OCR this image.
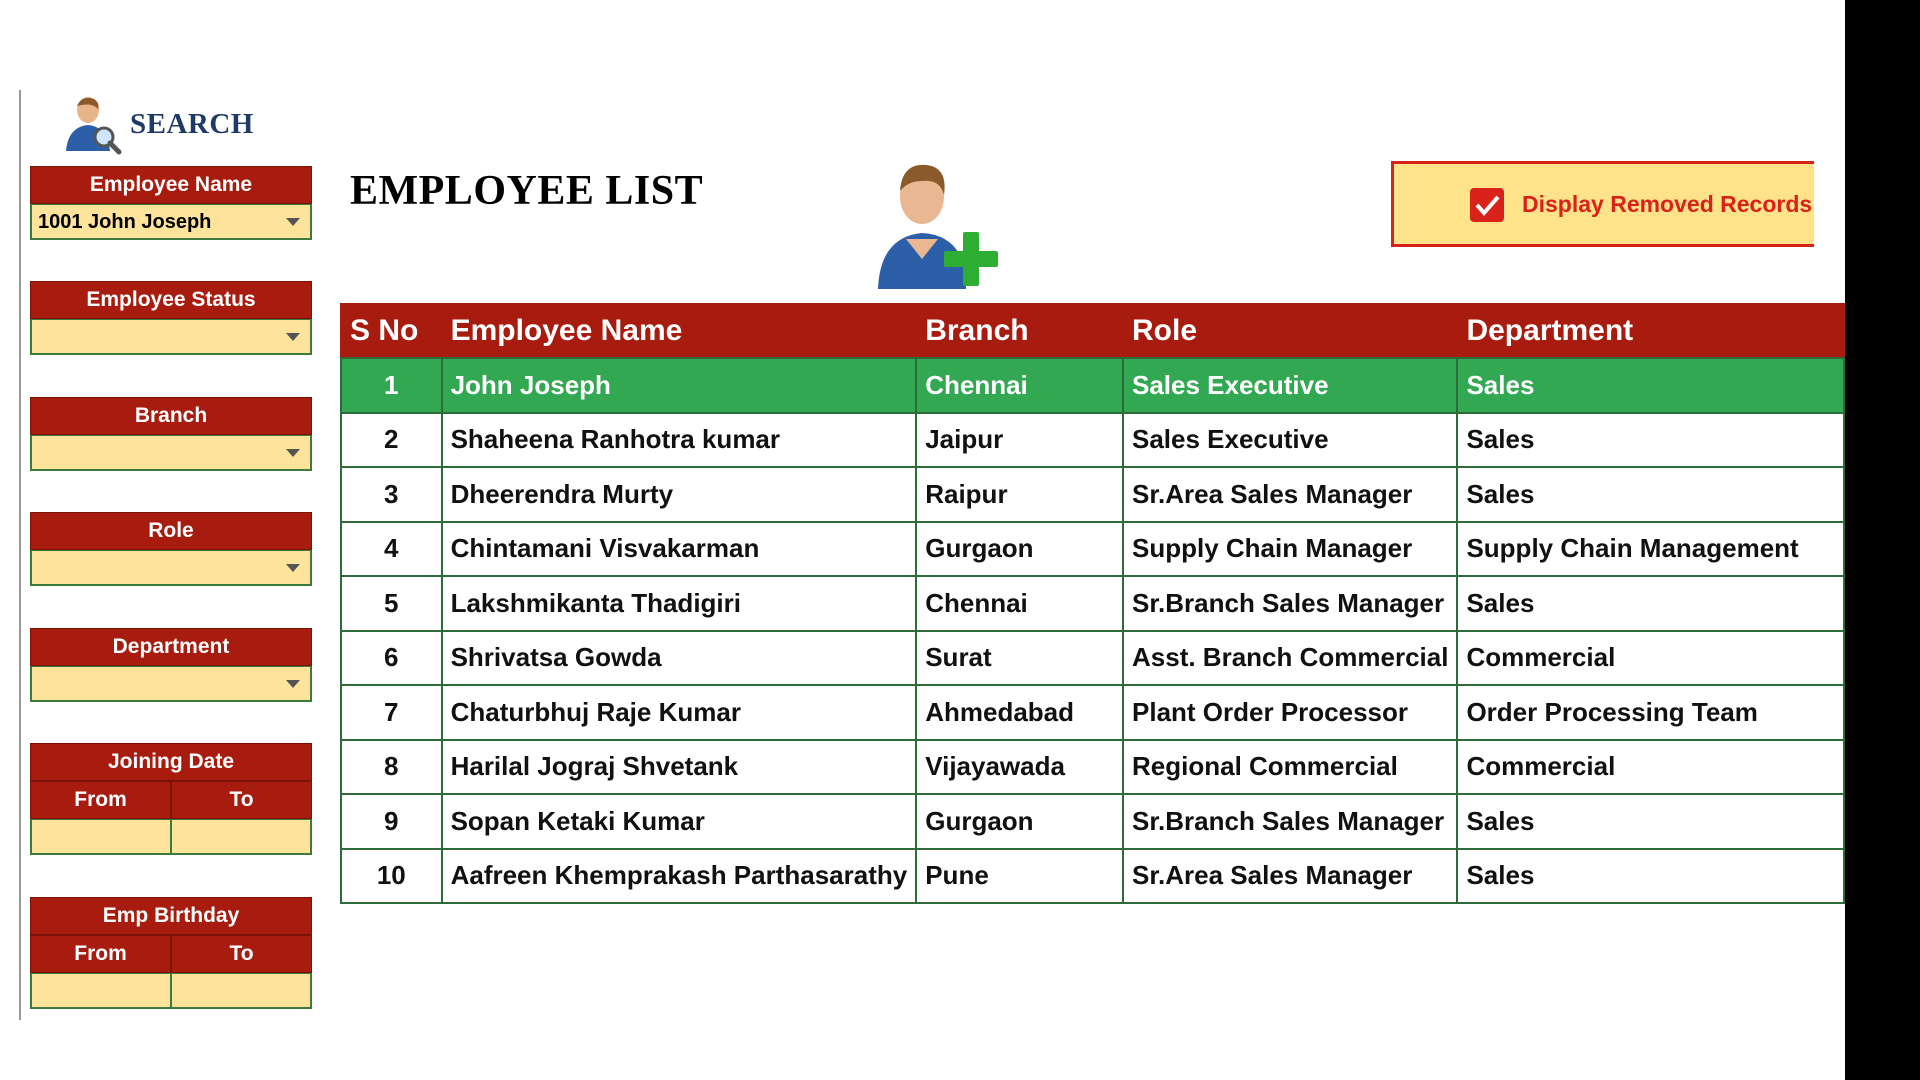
SEARCH
Employee Name
1001 John Joseph
Employee Status
Branch
Role
Department
Joining Date
From	To
Emp Birthday
From	To
EMPLOYEE LIST	Display Removed Records
S No	Employee Name	Branch	Role	Department
1	John Joseph	Chennai	Sales Executive	Sales
2	Shaheena Ranhotra kumar	Jaipur	Sales Executive	Sales
3	Dheerendra Murty	Raipur	Sr.Area Sales Manager	Sales
4	Chintamani Visvakarman	Gurgaon	Supply Chain Manager	Supply Chain Management
5	Lakshmikanta Thadigiri	Chennai	Sr.Branch Sales Manager	Sales
6	Shrivatsa Gowda	Surat	Asst. Branch Commercial	Commercial
7	Chaturbhuj Raje Kumar	Ahmedabad	Plant Order Processor	Order Processing Team
8	Harilal Jograj Shvetank	Vijayawada	Regional Commercial	Commercial
9	Sopan Ketaki Kumar	Gurgaon	Sr.Branch Sales Manager	Sales
10	Aafreen Khemprakash Parthasarathy	Pune	Sr.Area Sales Manager	Sales
